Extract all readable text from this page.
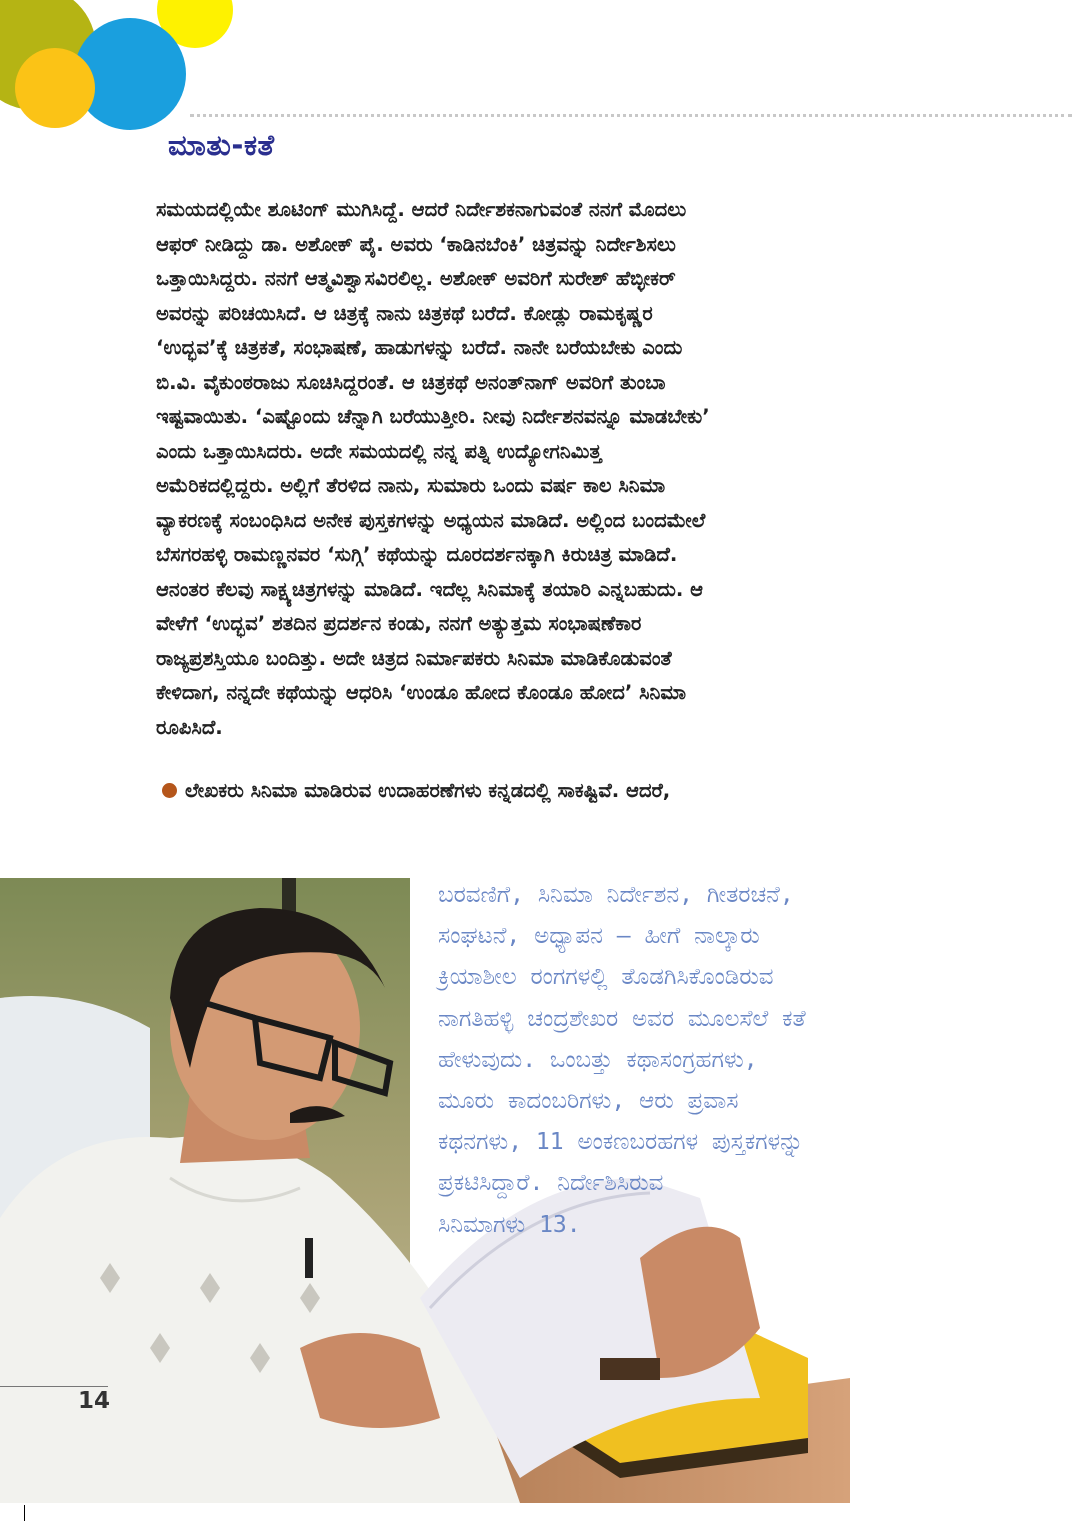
ಮಾತು-ಕತೆ
ಸಮಯದಲ್ಲಿಯೇ ಶೂಟಿಂಗ್ ಮುಗಿಸಿದ್ದೆ. ಆದರೆ ನಿರ್ದೇಶಕನಾಗುವಂತೆ ನನಗೆ ಮೊದಲು
ಆಫರ್ ನೀಡಿದ್ದು ಡಾ. ಅಶೋಕ್ ಪೈ. ಅವರು ‘ಕಾಡಿನಬೆಂಕಿ’ ಚಿತ್ರವನ್ನು ನಿರ್ದೇಶಿಸಲು
ಒತ್ತಾಯಿಸಿದ್ದರು. ನನಗೆ ಆತ್ಮವಿಶ್ವಾಸವಿರಲಿಲ್ಲ. ಅಶೋಕ್ ಅವರಿಗೆ ಸುರೇಶ್ ಹೆಬ್ಳೀಕರ್
ಅವರನ್ನು ಪರಿಚಯಿಸಿದೆ. ಆ ಚಿತ್ರಕ್ಕೆ ನಾನು ಚಿತ್ರಕಥೆ ಬರೆದೆ. ಕೋಡ್ಲು ರಾಮಕೃಷ್ಣರ
‘ಉದ್ಭವ’ಕ್ಕೆ ಚಿತ್ರಕತೆ, ಸಂಭಾಷಣೆ, ಹಾಡುಗಳನ್ನು ಬರೆದೆ. ನಾನೇ ಬರೆಯಬೇಕು ಎಂದು
ಬಿ.ವಿ. ವೈಕುಂಠರಾಜು ಸೂಚಿಸಿದ್ದರಂತೆ. ಆ ಚಿತ್ರಕಥೆ ಅನಂತ್‌ನಾಗ್ ಅವರಿಗೆ ತುಂಬಾ
ಇಷ್ಟವಾಯಿತು. ‘ಎಷ್ಟೊಂದು ಚೆನ್ನಾಗಿ ಬರೆಯುತ್ತೀರಿ. ನೀವು ನಿರ್ದೇಶನವನ್ನೂ ಮಾಡಬೇಕು’
ಎಂದು ಒತ್ತಾಯಿಸಿದರು. ಅದೇ ಸಮಯದಲ್ಲಿ ನನ್ನ ಪತ್ನಿ ಉದ್ಯೋಗನಿಮಿತ್ತ
ಅಮೆರಿಕದಲ್ಲಿದ್ದರು. ಅಲ್ಲಿಗೆ ತೆರಳಿದ ನಾನು, ಸುಮಾರು ಒಂದು ವರ್ಷ ಕಾಲ ಸಿನಿಮಾ
ವ್ಯಾಕರಣಕ್ಕೆ ಸಂಬಂಧಿಸಿದ ಅನೇಕ ಪುಸ್ತಕಗಳನ್ನು ಅಧ್ಯಯನ ಮಾಡಿದೆ. ಅಲ್ಲಿಂದ ಬಂದಮೇಲೆ
ಬೆಸಗರಹಳ್ಳಿ ರಾಮಣ್ಣನವರ ‘ಸುಗ್ಗಿ’ ಕಥೆಯನ್ನು ದೂರದರ್ಶನಕ್ಕಾಗಿ ಕಿರುಚಿತ್ರ ಮಾಡಿದೆ.
ಆನಂತರ ಕೆಲವು ಸಾಕ್ಷ್ಯಚಿತ್ರಗಳನ್ನು ಮಾಡಿದೆ. ಇದೆಲ್ಲ ಸಿನಿಮಾಕ್ಕೆ ತಯಾರಿ ಎನ್ನಬಹುದು. ಆ
ವೇಳೆಗೆ ‘ಉದ್ಭವ’ ಶತದಿನ ಪ್ರದರ್ಶನ ಕಂಡು, ನನಗೆ ಅತ್ಯುತ್ತಮ ಸಂಭಾಷಣೆಕಾರ
ರಾಜ್ಯಪ್ರಶಸ್ತಿಯೂ ಬಂದಿತ್ತು. ಅದೇ ಚಿತ್ರದ ನಿರ್ಮಾಪಕರು ಸಿನಿಮಾ ಮಾಡಿಕೊಡುವಂತೆ
ಕೇಳಿದಾಗ, ನನ್ನದೇ ಕಥೆಯನ್ನು ಆಧರಿಸಿ ‘ಉಂಡೂ ಹೋದ ಕೊಂಡೂ ಹೋದ’ ಸಿನಿಮಾ
ರೂಪಿಸಿದೆ.
ಲೇಖಕರು ಸಿನಿಮಾ ಮಾಡಿರುವ ಉದಾಹರಣೆಗಳು ಕನ್ನಡದಲ್ಲಿ ಸಾಕಷ್ಟಿವೆ. ಆದರೆ,
ಬರವಣಿಗೆ, ಸಿನಿಮಾ ನಿರ್ದೇಶನ, ಗೀತರಚನೆ,
ಸಂಘಟನೆ, ಅಧ್ಯಾಪನ – ಹೀಗೆ ನಾಲ್ಕಾರು
ಕ್ರಿಯಾಶೀಲ ರಂಗಗಳಲ್ಲಿ ತೊಡಗಿಸಿಕೊಂಡಿರುವ
ನಾಗತಿಹಳ್ಳಿ ಚಂದ್ರಶೇಖರ ಅವರ ಮೂಲಸೆಲೆ ಕತೆ
ಹೇಳುವುದು. ಒಂಬತ್ತು ಕಥಾಸಂಗ್ರಹಗಳು,
ಮೂರು ಕಾದಂಬರಿಗಳು, ಆರು ಪ್ರವಾಸ
ಕಥನಗಳು, 11 ಅಂಕಣಬರಹಗಳ ಪುಸ್ತಕಗಳನ್ನು
ಪ್ರಕಟಿಸಿದ್ದಾರೆ. ನಿರ್ದೇಶಿಸಿರುವ
ಸಿನಿಮಾಗಳು 13.
14
